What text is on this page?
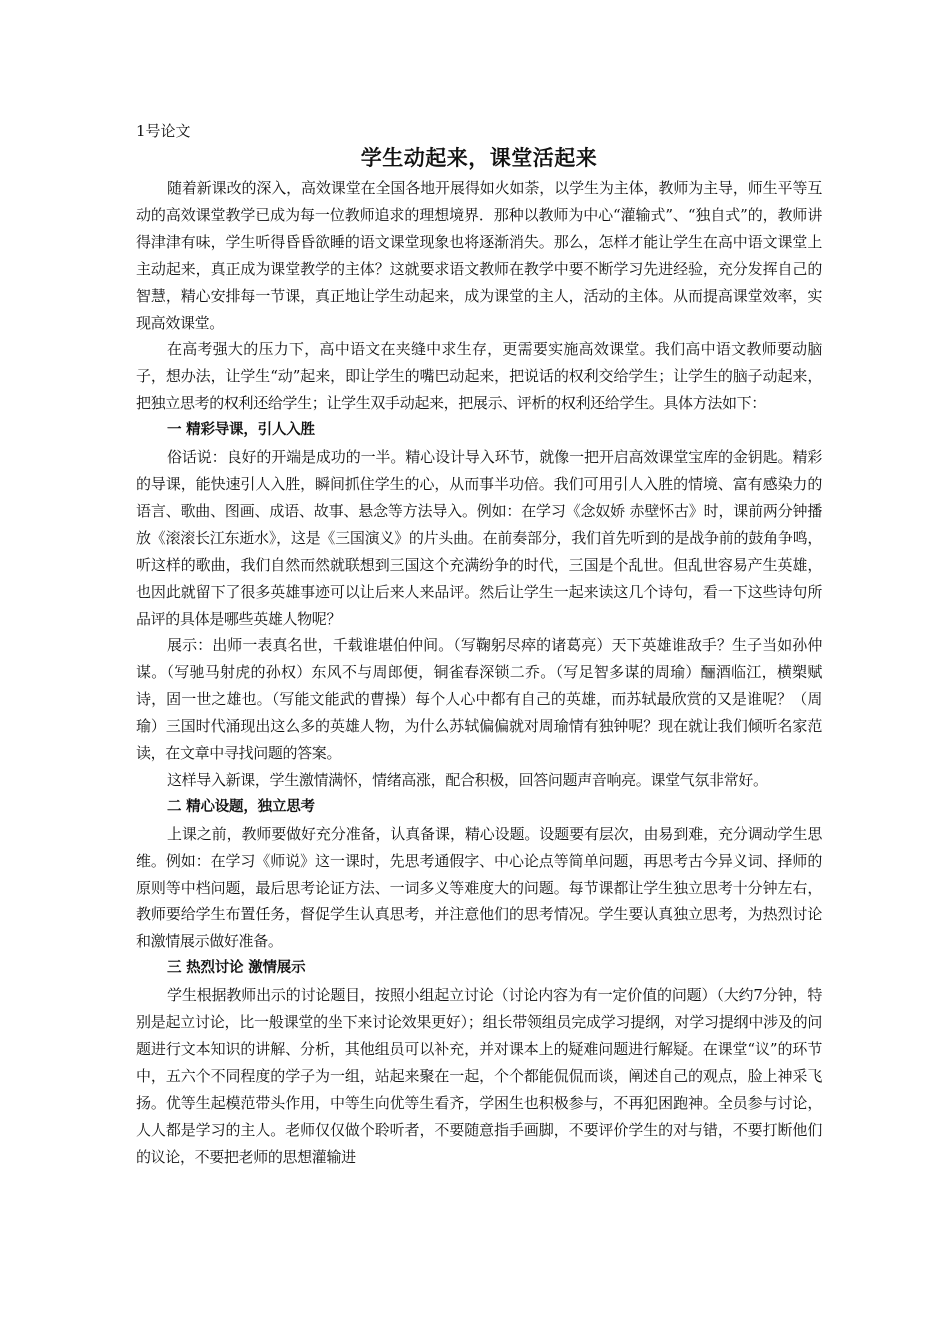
1号论文

学生动起来，课堂活起来

随着新课改的深入，高效课堂在全国各地开展得如火如荼，以学生为主体，教师为主导，师生平等互动的高效课堂教学已成为每一位教师追求的理想境界．那种以教师为中心“灌输式”、“独自式”的，教师讲得津津有味，学生听得昏昏欲睡的语文课堂现象也将逐渐消失。那么，怎样才能让学生在高中语文课堂上主动起来，真正成为课堂教学的主体？这就要求语文教师在教学中要不断学习先进经验，充分发挥自己的智慧，精心安排每一节课，真正地让学生动起来，成为课堂的主人，活动的主体。从而提高课堂效率，实现高效课堂。

在高考强大的压力下，高中语文在夹缝中求生存，更需要实施高效课堂。我们高中语文教师要动脑子，想办法，让学生“动”起来，即让学生的嘴巴动起来，把说话的权利交给学生；让学生的脑子动起来，把独立思考的权利还给学生；让学生双手动起来，把展示、评析的权利还给学生。具体方法如下：

一 精彩导课，引人入胜

俗话说：良好的开端是成功的一半。精心设计导入环节，就像一把开启高效课堂宝库的金钥匙。精彩的导课，能快速引人入胜，瞬间抓住学生的心，从而事半功倍。我们可用引人入胜的情境、富有感染力的语言、歌曲、图画、成语、故事、悬念等方法导入。例如：在学习《念奴娇 赤壁怀古》时，课前两分钟播放《滚滚长江东逝水》，这是《三国演义》的片头曲。在前奏部分，我们首先听到的是战争前的鼓角争鸣，听这样的歌曲，我们自然而然就联想到三国这个充满纷争的时代，三国是个乱世。但乱世容易产生英雄，也因此就留下了很多英雄事迹可以让后来人来品评。然后让学生一起来读这几个诗句，看一下这些诗句所品评的具体是哪些英雄人物呢？

展示：出师一表真名世，千载谁堪伯仲间。（写鞠躬尽瘁的诸葛亮）天下英雄谁敌手？生子当如孙仲谋。（写驰马射虎的孙权）东风不与周郎便，铜雀春深锁二乔。（写足智多谋的周瑜）酾酒临江，横槊赋诗，固一世之雄也。（写能文能武的曹操）每个人心中都有自己的英雄，而苏轼最欣赏的又是谁呢？（周瑜）三国时代涌现出这么多的英雄人物，为什么苏轼偏偏就对周瑜情有独钟呢？现在就让我们倾听名家范读，在文章中寻找问题的答案。

这样导入新课，学生激情满怀，情绪高涨，配合积极，回答问题声音响亮。课堂气氛非常好。

二 精心设题，独立思考

上课之前，教师要做好充分准备，认真备课，精心设题。设题要有层次，由易到难，充分调动学生思维。例如：在学习《师说》这一课时，先思考通假字、中心论点等简单问题，再思考古今异义词、择师的原则等中档问题，最后思考论证方法、一词多义等难度大的问题。每节课都让学生独立思考十分钟左右，教师要给学生布置任务，督促学生认真思考，并注意他们的思考情况。学生要认真独立思考，为热烈讨论和激情展示做好准备。

三 热烈讨论 激情展示

学生根据教师出示的讨论题目，按照小组起立讨论（讨论内容为有一定价值的问题）（大约7分钟，特别是起立讨论，比一般课堂的坐下来讨论效果更好）；组长带领组员完成学习提纲，对学习提纲中涉及的问题进行文本知识的讲解、分析，其他组员可以补充，并对课本上的疑难问题进行解疑。在课堂“议”的环节中，五六个不同程度的学子为一组，站起来聚在一起，个个都能侃侃而谈，阐述自己的观点，脸上神采飞扬。优等生起模范带头作用，中等生向优等生看齐，学困生也积极参与，不再犯困跑神。全员参与讨论，人人都是学习的主人。老师仅仅做个聆听者，不要随意指手画脚，不要评价学生的对与错，不要打断他们的议论，不要把老师的思想灌输进
